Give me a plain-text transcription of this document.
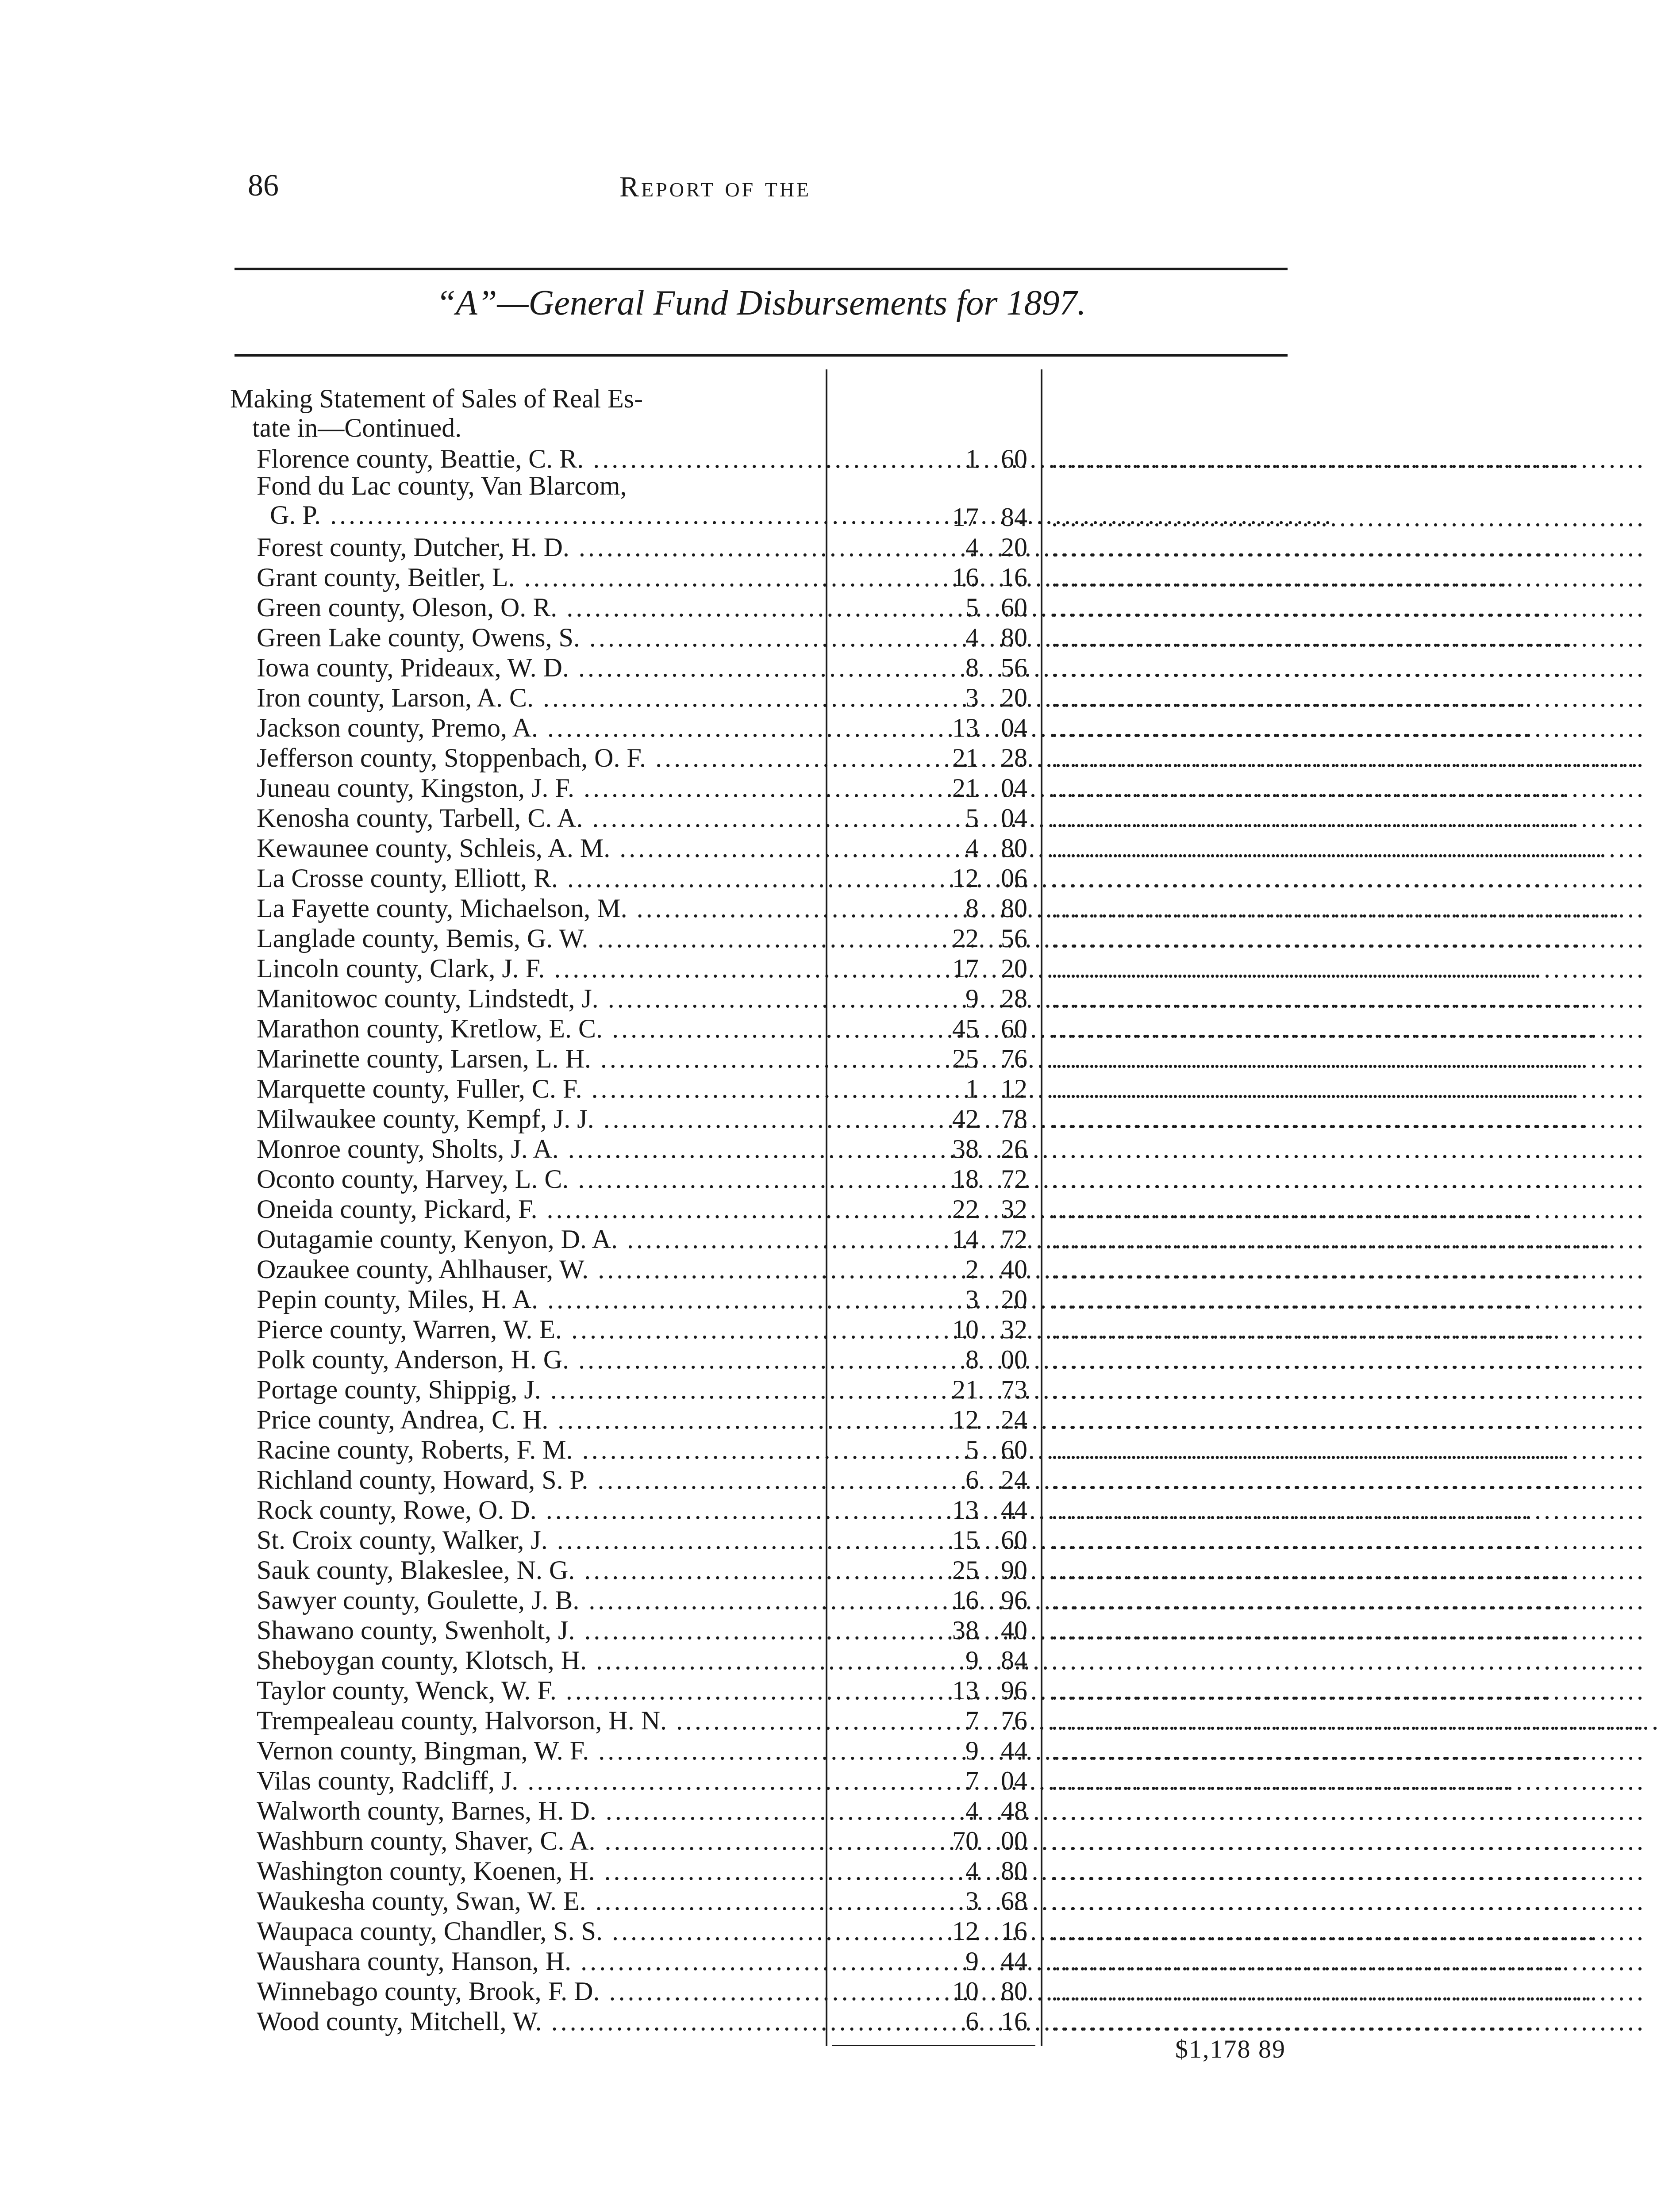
86	Report of the
“A”—General Fund Disbursements for 1897.
Making Statement of Sales of Real Es-
tate in—Continued.
Florence county, Beattie, C. R. .....	1 60 ................................................................
Fond du Lac county, Van Blarcom,
G. P. .....	17 84 ................................................................
Forest county, Dutcher, H. D. .....	4 20 ................................................................
Grant county, Beitler, L. .....	16 16 ................................................................
Green county, Oleson, O. R. .....	5 60 ................................................................
Green Lake county, Owens, S. .....	4 80 ................................................................
Iowa county, Prideaux, W. D. .....	8 56 ................................................................
Iron county, Larson, A. C. .....	3 20 ................................................................
Jackson county, Premo, A. .....	13 04 ................................................................
Jefferson county, Stoppenbach, O. F. .....	21 28 ................................................................
Juneau county, Kingston, J. F. .....	21 04 ................................................................
Kenosha county, Tarbell, C. A. .....	5 04 ................................................................
Kewaunee county, Schleis, A. M. .....	4 80 ................................................................
La Crosse county, Elliott, R. .....	12 06 ................................................................
La Fayette county, Michaelson, M. .....	8 80 ................................................................
Langlade county, Bemis, G. W. .....	22 56 ................................................................
Lincoln county, Clark, J. F. .....	17 20 ................................................................
Manitowoc county, Lindstedt, J. .....	9 28 ................................................................
Marathon county, Kretlow, E. C. .....	45 60 ................................................................
Marinette county, Larsen, L. H. .....	25 76 ................................................................
Marquette county, Fuller, C. F. .....	1 12 ................................................................
Milwaukee county, Kempf, J. J. .....	42 78 ................................................................
Monroe county, Sholts, J. A. .....	38 26 ................................................................
Oconto county, Harvey, L. C. .....	18 72 ................................................................
Oneida county, Pickard, F. .....	22 32 ................................................................
Outagamie county, Kenyon, D. A. .....	14 72 ................................................................
Ozaukee county, Ahlhauser, W. .....	2 40 ................................................................
Pepin county, Miles, H. A. .....	3 20 ................................................................
Pierce county, Warren, W. E. .....	10 32 ................................................................
Polk county, Anderson, H. G. .....	8 00 ................................................................
Portage county, Shippig, J. .....	21 73 ................................................................
Price county, Andrea, C. H. .....	12 24 ................................................................
Racine county, Roberts, F. M. .....	5 60 ................................................................
Richland county, Howard, S. P. .....	6 24 ................................................................
Rock county, Rowe, O. D. .....	13 44 ................................................................
St. Croix county, Walker, J. .....	15 60 ................................................................
Sauk county, Blakeslee, N. G. .....	25 90 ................................................................
Sawyer county, Goulette, J. B. .....	16 96 ................................................................
Shawano county, Swenholt, J. .....	38 40 ................................................................
Sheboygan county, Klotsch, H. .....	9 84 ................................................................
Taylor county, Wenck, W. F. .....	13 96 ................................................................
Trempealeau county, Halvorson, H. N. .....	7 76 ................................................................
Vernon county, Bingman, W. F. .....	9 44 ................................................................
Vilas county, Radcliff, J. .....	7 04 ................................................................
Walworth county, Barnes, H. D. .....	4 48 ................................................................
Washburn county, Shaver, C. A. .....	70 00 ................................................................
Washington county, Koenen, H. .....	4 80 ................................................................
Waukesha county, Swan, W. E. .....	3 68 ................................................................
Waupaca county, Chandler, S. S. .....	12 16 ................................................................
Waushara county, Hanson, H. .....	9 44 ................................................................
Winnebago county, Brook, F. D. .....	10 80 ................................................................
Wood county, Mitchell, W. .....	6 16 ................................................................
$1,178 89
